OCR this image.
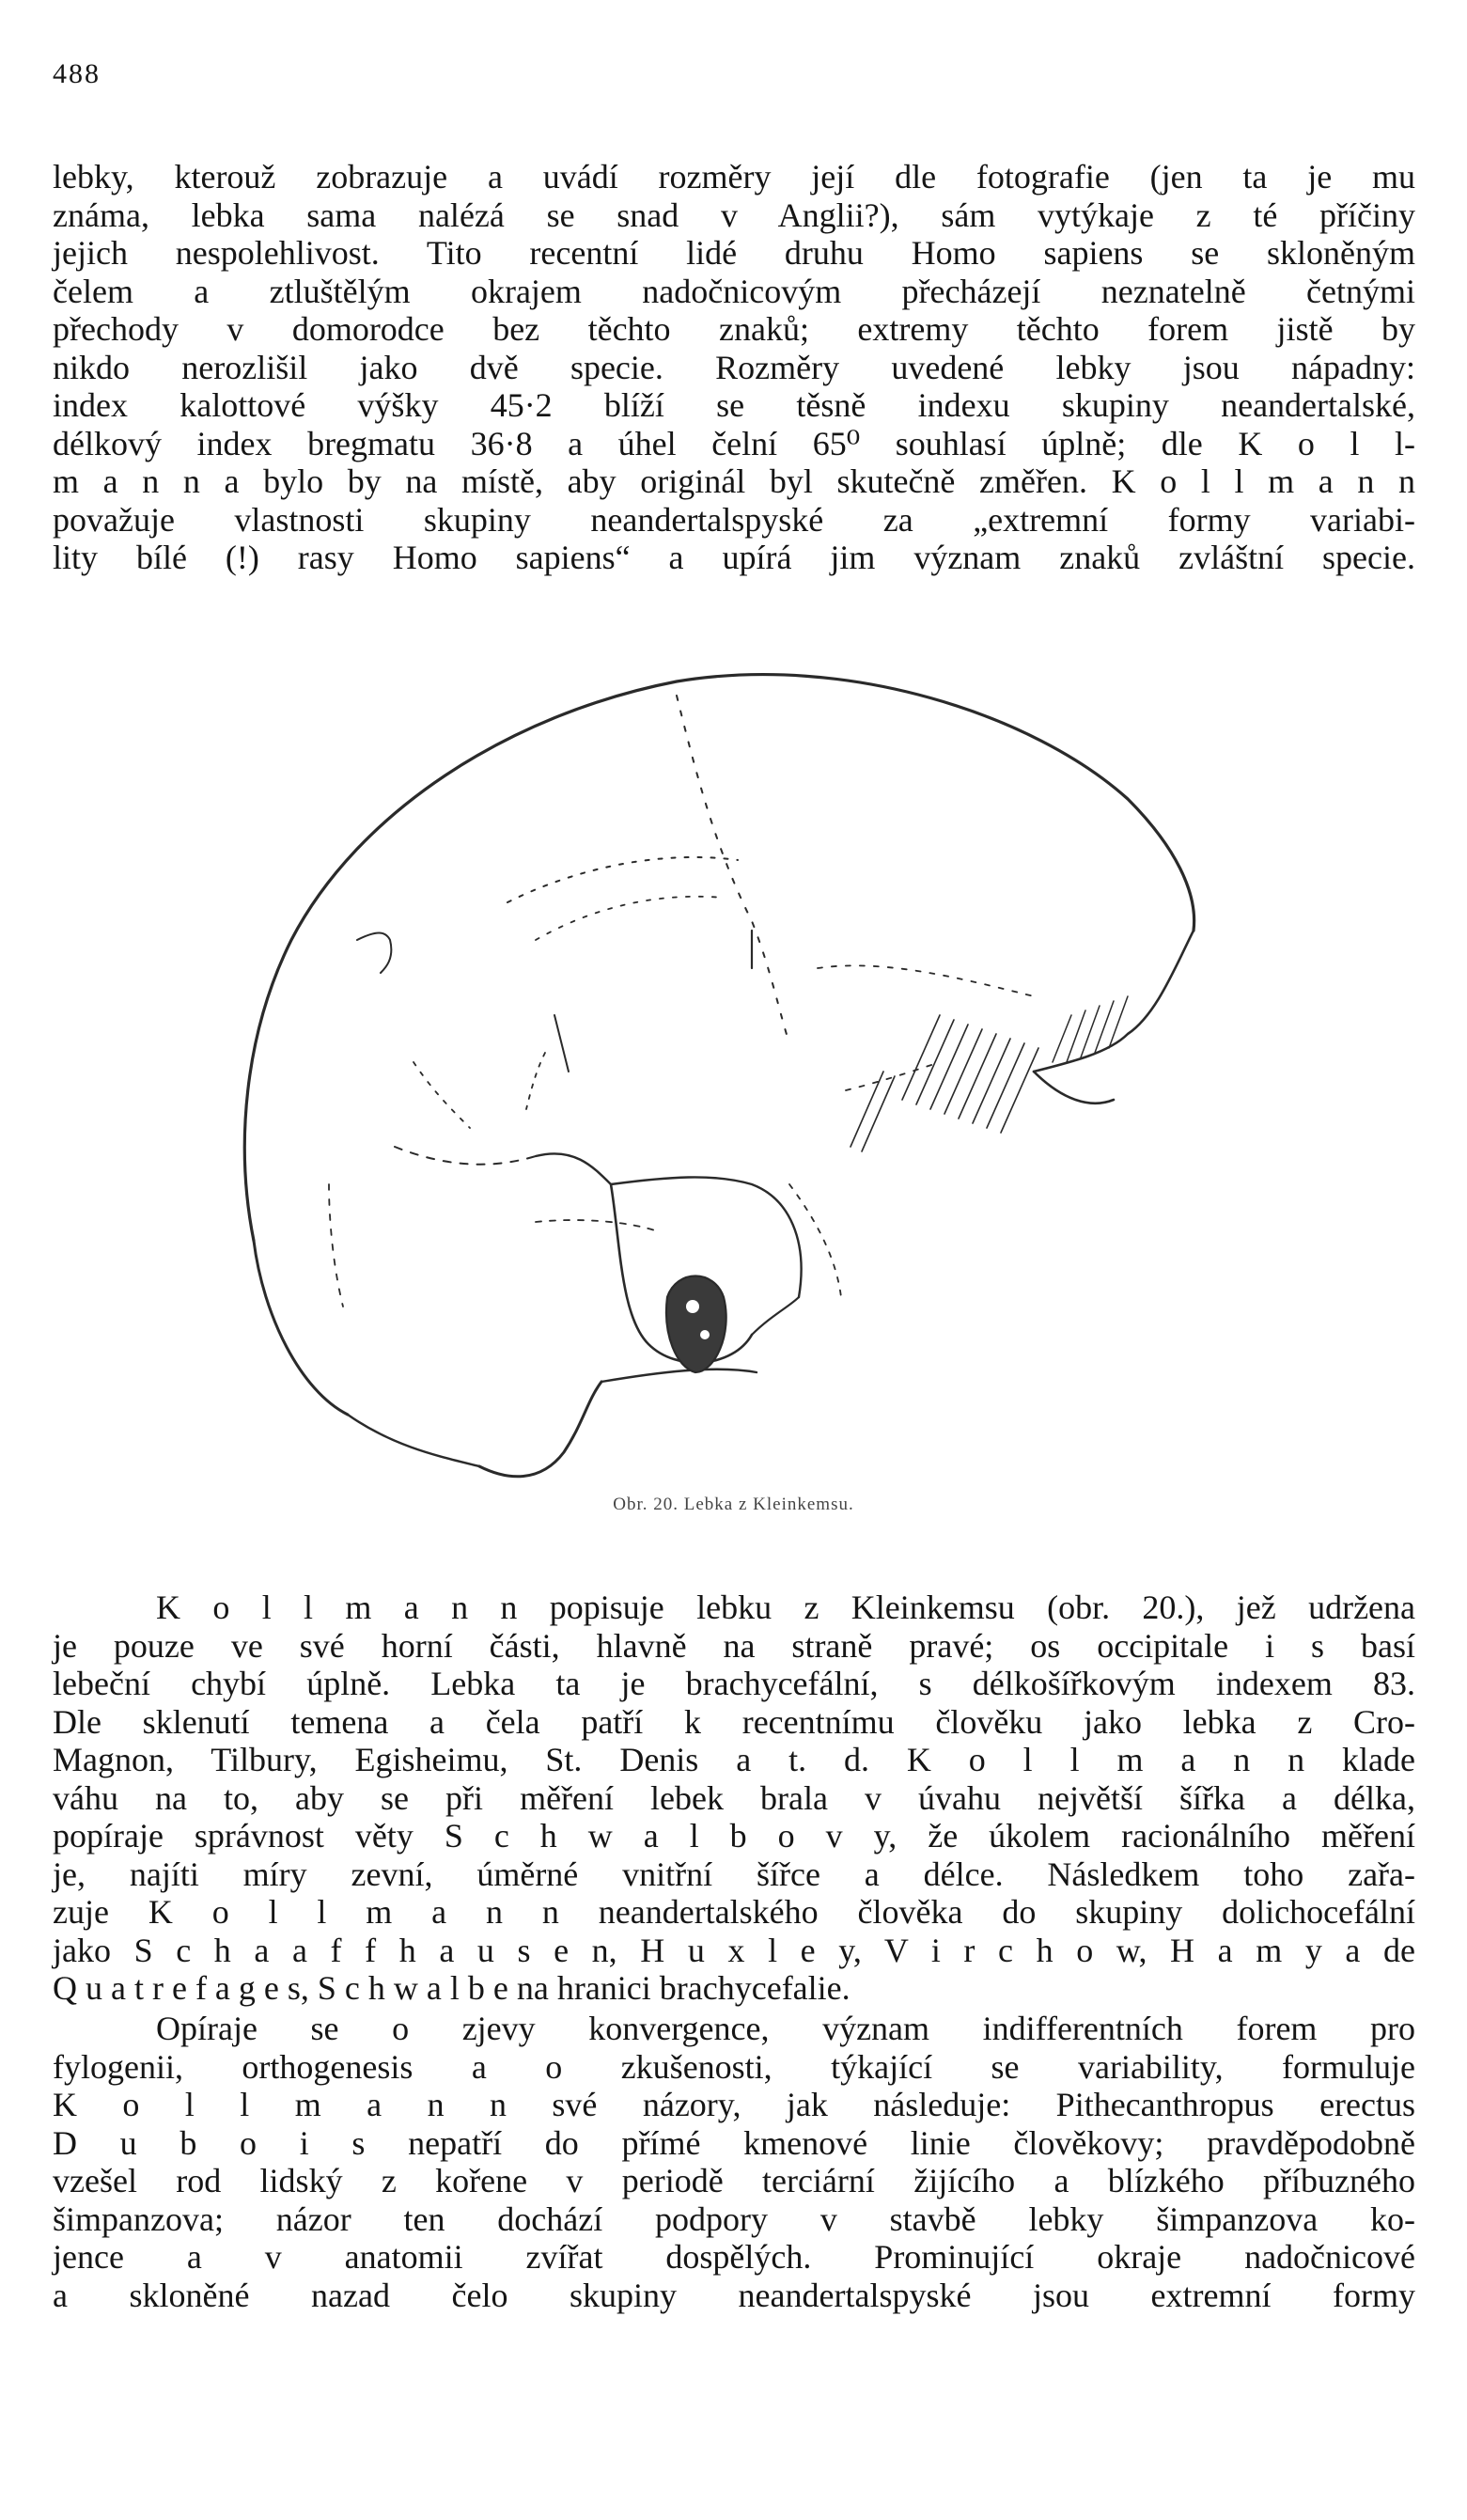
488
lebky, kterouž zobrazuje a uvádí rozměry její dle fotografie (jen ta je mu
známa, lebka sama nalézá se snad v Anglii?), sám vytýkaje z té příčiny
jejich nespolehlivost. Tito recentní lidé druhu Homo sapiens se skloněným
čelem a ztluštělým okrajem nadočnicovým přecházejí neznatelně četnými
přechody v domorodce bez těchto znaků; extremy těchto forem jistě by
nikdo nerozlišil jako dvě specie. Rozměry uvedené lebky jsou nápadny:
index kalottové výšky 45·2 blíží se těsně indexu skupiny neandertalské,
délkový index bregmatu 36·8 a úhel čelní 65⁰ souhlasí úplně; dle K o l l-
m a n n a bylo by na místě, aby originál byl skutečně změřen. K o l l m a n n
považuje vlastnosti skupiny neandertalspyské za „extremní formy variabi-
lity bílé (!) rasy Homo sapiens“ a upírá jim význam znaků zvláštní specie.
Obr. 20. Lebka z Kleinkemsu.
K o l l m a n n popisuje lebku z Kleinkemsu (obr. 20.), jež udržena
je pouze ve své horní části, hlavně na straně pravé; os occipitale i s basí
lebeční chybí úplně. Lebka ta je brachycefální, s délkošířkovým indexem 83.
Dle sklenutí temena a čela patří k recentnímu člověku jako lebka z Cro-
Magnon, Tilbury, Egisheimu, St. Denis a t. d. K o l l m a n n klade
váhu na to, aby se při měření lebek brala v úvahu největší šířka a délka,
popíraje správnost věty S c h w a l b o v y, že úkolem racionálního měření
je, najíti míry zevní, úměrné vnitřní šířce a délce. Následkem toho zařa-
zuje K o l l m a n n neandertalského člověka do skupiny dolichocefální
jako S c h a a f f h a u s e n, H u x l e y, V i r c h o w, H a m y a de
Q u a t r e f a g e s, S c h w a l b e na hranici brachycefalie.
Opíraje se o zjevy konvergence, význam indifferentních forem pro
fylogenii, orthogenesis a o zkušenosti, týkající se variability, formuluje
K o l l m a n n své názory, jak následuje: Pithecanthropus erectus
D u b o i s nepatří do přímé kmenové linie člověkovy; pravděpodobně
vzešel rod lidský z kořene v periodě terciární žijícího a blízkého příbuzného
šimpanzova; názor ten dochází podpory v stavbě lebky šimpanzova ko-
jence a v anatomii zvířat dospělých. Prominující okraje nadočnicové
a skloněné nazad čelo skupiny neandertalspyské jsou extremní formy
